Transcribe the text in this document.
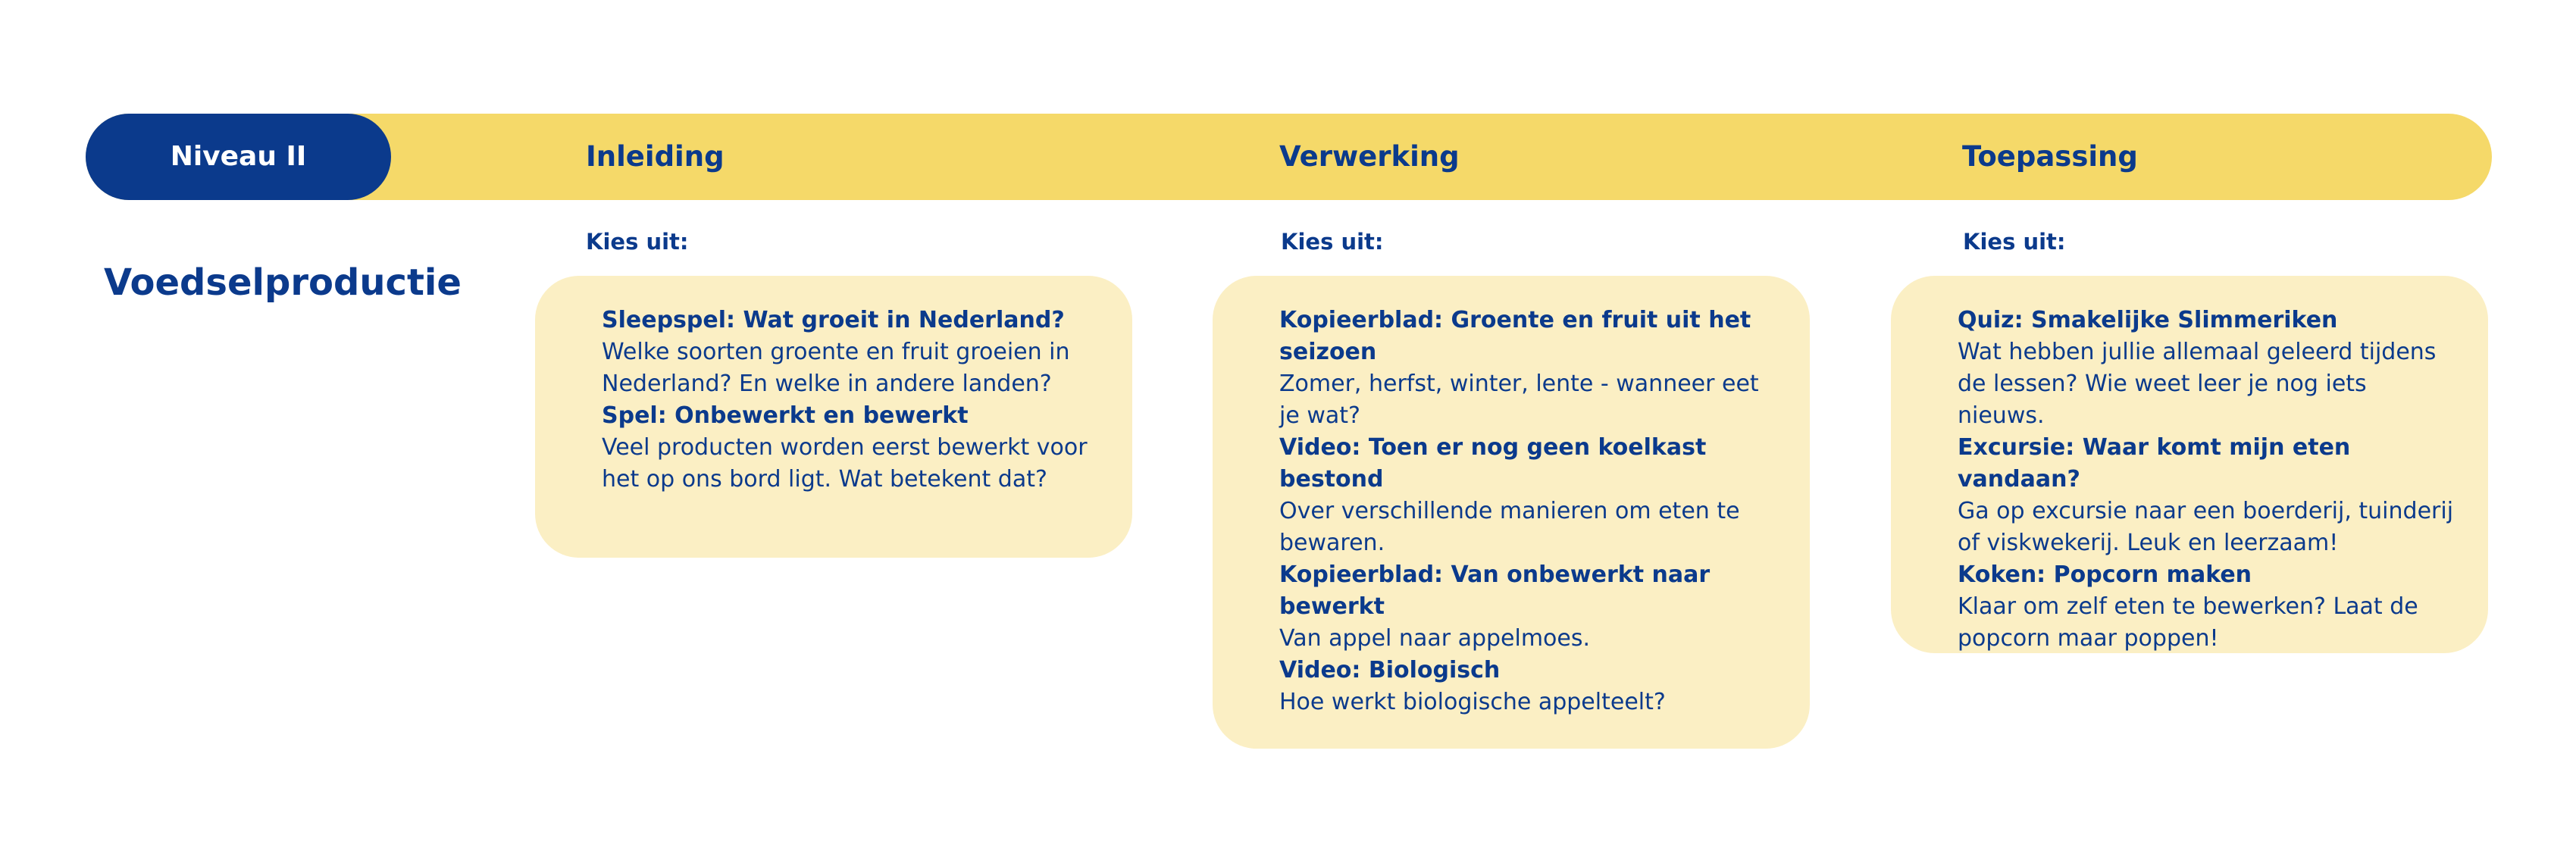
Niveau II	Inleiding	Verwerking	Toepassing
Voedselproductie
Kies uit:	Kies uit:	Kies uit:
Sleepspel: Wat groeit in Nederland?
Welke soorten groente en fruit groeien in Nederland? En welke in andere landen?
Spel: Onbewerkt en bewerkt
Veel producten worden eerst bewerkt voor het op ons bord ligt. Wat betekent dat?
Kopieerblad: Groente en fruit uit het seizoen
Zomer, herfst, winter, lente - wanneer eet je wat?
Video: Toen er nog geen koelkast bestond
Over verschillende manieren om eten te bewaren.
Kopieerblad: Van onbewerkt naar bewerkt
Van appel naar appelmoes.
Video: Biologisch
Hoe werkt biologische appelteelt?
Quiz: Smakelijke Slimmeriken
Wat hebben jullie allemaal geleerd tijdens de lessen? Wie weet leer je nog iets nieuws.
Excursie: Waar komt mijn eten vandaan?
Ga op excursie naar een boerderij, tuinderij of viskwekerij. Leuk en leerzaam!
Koken: Popcorn maken
Klaar om zelf eten te bewerken? Laat de popcorn maar poppen!
